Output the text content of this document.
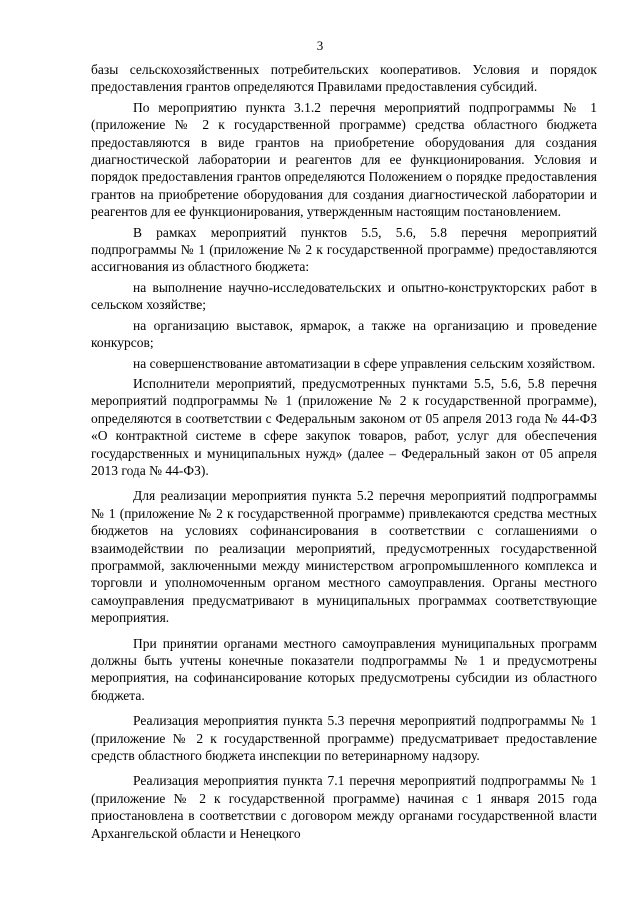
3

базы сельскохозяйственных потребительских кооперативов. Условия и порядок предоставления грантов определяются Правилами предоставления субсидий.

По мероприятию пункта 3.1.2 перечня мероприятий подпрограммы № 1 (приложение № 2 к государственной программе) средства областного бюджета предоставляются в виде грантов на приобретение оборудования для создания диагностической лаборатории и реагентов для ее функционирования. Условия и порядок предоставления грантов определяются Положением о порядке предоставления грантов на приобретение оборудования для создания диагностической лаборатории и реагентов для ее функционирования, утвержденным настоящим постановлением.

В рамках мероприятий пунктов 5.5, 5.6, 5.8 перечня мероприятий подпрограммы № 1 (приложение № 2 к государственной программе) предоставляются ассигнования из областного бюджета:

на выполнение научно-исследовательских и опытно-конструкторских работ в сельском хозяйстве;

на организацию выставок, ярмарок, а также на организацию и проведение конкурсов;

на совершенствование автоматизации в сфере управления сельским хозяйством.

Исполнители мероприятий, предусмотренных пунктами 5.5, 5.6, 5.8 перечня мероприятий подпрограммы № 1 (приложение № 2 к государственной программе), определяются в соответствии с Федеральным законом от 05 апреля 2013 года № 44-ФЗ «О контрактной системе в сфере закупок товаров, работ, услуг для обеспечения государственных и муниципальных нужд» (далее – Федеральный закон от 05 апреля 2013 года № 44-ФЗ).

Для реализации мероприятия пункта 5.2 перечня мероприятий подпрограммы № 1 (приложение № 2 к государственной программе) привлекаются средства местных бюджетов на условиях софинансирования в соответствии с соглашениями о взаимодействии по реализации мероприятий, предусмотренных государственной программой, заключенными между министерством агропромышленного комплекса и торговли и уполномоченным органом местного самоуправления. Органы местного самоуправления предусматривают в муниципальных программах соответствующие мероприятия.

При принятии органами местного самоуправления муниципальных программ должны быть учтены конечные показатели подпрограммы № 1 и предусмотрены мероприятия, на софинансирование которых предусмотрены субсидии из областного бюджета.

Реализация мероприятия пункта 5.3 перечня мероприятий подпрограммы № 1 (приложение № 2 к государственной программе) предусматривает предоставление средств областного бюджета инспекции по ветеринарному надзору.

Реализация мероприятия пункта 7.1 перечня мероприятий подпрограммы № 1 (приложение № 2 к государственной программе) начиная с 1 января 2015 года приостановлена в соответствии с договором между органами государственной власти Архангельской области и Ненецкого
